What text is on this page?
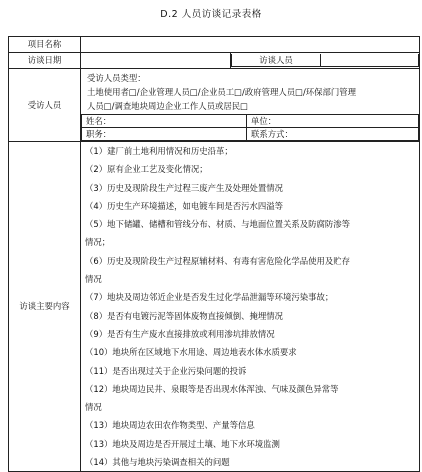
D.2 人员访谈记录表格
项目名称	
访谈日期			访谈人员	

受访人员	
受访人员类型：
土地使用者□/企业管理人员□/企业员工□/政府管理人员□/环保部门管理
人员□/调查地块周边企业工作人员或居民□
姓名：	单位：
职务：	联系方式：

访谈主要内容	
（1）建厂前土地利用情况和历史沿革；
（2）原有企业工艺及变化情况；
（3）历史及现阶段生产过程三废产生及处理处置情况
（4）历史生产环境描述，如电镀车间是否污水四溢等
（5）地下储罐、储槽和管线分布、材质、与地面位置关系及防腐防渗等
情况；
（6）历史及现阶段生产过程原辅材料、有毒有害危险化学品使用及贮存
情况
（7）地块及周边邻近企业是否发生过化学品泄漏等环境污染事故；
（8）是否有电镀污泥等固体废物直接倾倒、掩埋情况
（9）是否有生产废水直接排放或利用渗坑排放情况
（10）地块所在区域地下水用途、周边地表水体水质要求
（11）是否出现过关于企业污染问题的投诉
（12）地块周边民井、泉眼等是否出现水体浑浊、气味及颜色异常等
情况
（13）地块周边农田农作物类型、产量等信息
（13）地块及周边是否开展过土壤、地下水环境监测
（14）其他与地块污染调查相关的问题
